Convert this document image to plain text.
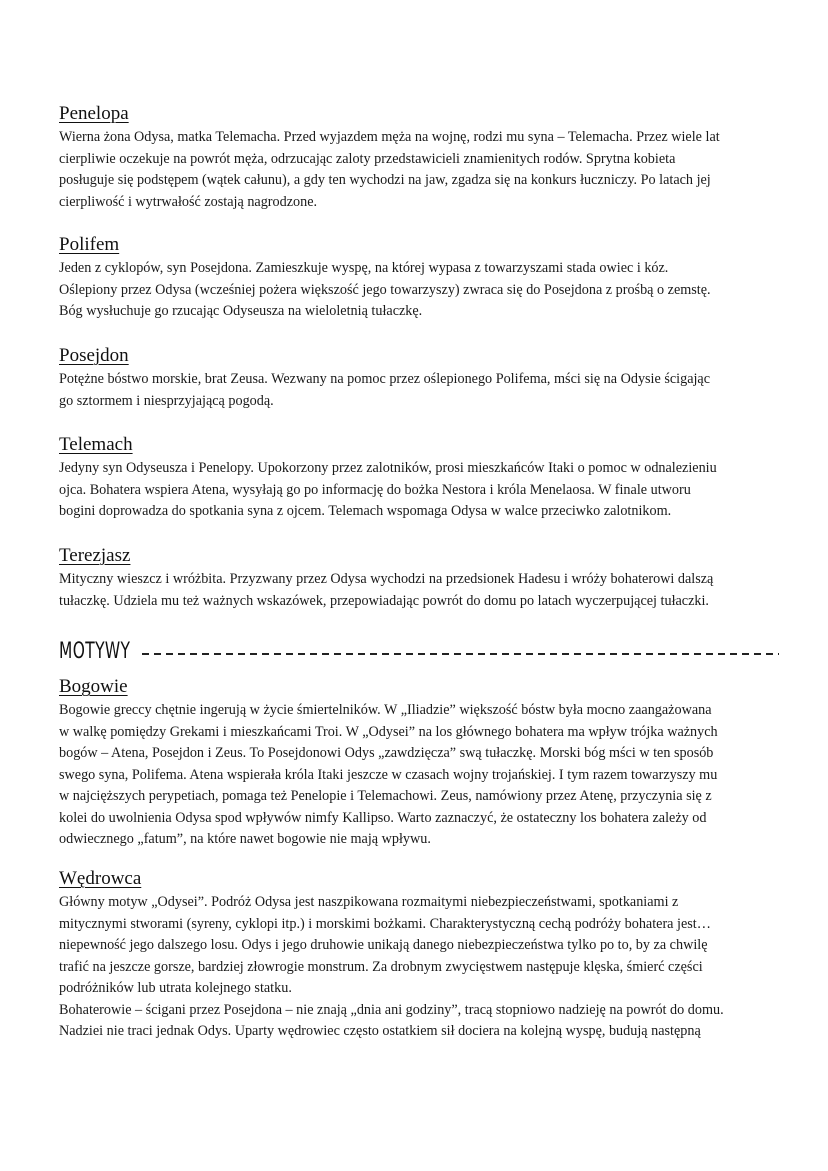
Penelopa

Wierna żona Odysa, matka Telemacha. Przed wyjazdem męża na wojnę, rodzi mu syna – Telemacha. Przez wiele lat

cierpliwie oczekuje na powrót męża, odrzucając zaloty przedstawicieli znamienitych rodów. Sprytna kobieta

posługuje się podstępem (wątek całunu), a gdy ten wychodzi na jaw, zgadza się na konkurs łuczniczy. Po latach jej

cierpliwość i wytrwałość zostają nagrodzone.

Polifem

Jeden z cyklopów, syn Posejdona. Zamieszkuje wyspę, na której wypasa z towarzyszami stada owiec i kóz.

Oślepiony przez Odysa (wcześniej pożera większość jego towarzyszy) zwraca się do Posejdona z prośbą o zemstę.

Bóg wysłuchuje go rzucając Odyseusza na wieloletnią tułaczkę.

Posejdon

Potężne bóstwo morskie, brat Zeusa. Wezwany na pomoc przez oślepionego Polifema, mści się na Odysie ścigając

go sztormem i niesprzyjającą pogodą.

Telemach

Jedyny syn Odyseusza i Penelopy. Upokorzony przez zalotników, prosi mieszkańców Itaki o pomoc w odnalezieniu

ojca. Bohatera wspiera Atena, wysyłają go po informację do bożka Nestora i króla Menelaosa. W finale utworu

bogini doprowadza do spotkania syna z ojcem. Telemach wspomaga Odysa w walce przeciwko zalotnikom.

Terezjasz

Mityczny wieszcz i wróżbita. Przyzwany przez Odysa wychodzi na przedsionek Hadesu i wróży bohaterowi dalszą

tułaczkę. Udziela mu też ważnych wskazówek, przepowiadając powrót do domu po latach wyczerpującej tułaczki.

MOTYWY
Bogowie

Bogowie greccy chętnie ingerują w życie śmiertelników. W „Iliadzie” większość bóstw była mocno zaangażowana

w walkę pomiędzy Grekami i mieszkańcami Troi. W „Odysei” na los głównego bohatera ma wpływ trójka ważnych

bogów – Atena, Posejdon i Zeus. To Posejdonowi Odys „zawdzięcza” swą tułaczkę. Morski bóg mści w ten sposób

swego syna, Polifema. Atena wspierała króla Itaki jeszcze w czasach wojny trojańskiej. I tym razem towarzyszy mu

w najcięższych perypetiach, pomaga też Penelopie i Telemachowi. Zeus, namówiony przez Atenę, przyczynia się z

kolei do uwolnienia Odysa spod wpływów nimfy Kallipso. Warto zaznaczyć, że ostateczny los bohatera zależy od

odwiecznego „fatum”, na które nawet bogowie nie mają wpływu.

Wędrowca

Główny motyw „Odysei”. Podróż Odysa jest naszpikowana rozmaitymi niebezpieczeństwami, spotkaniami z

mitycznymi stworami (syreny, cyklopi itp.) i morskimi bożkami. Charakterystyczną cechą podróży bohatera jest…

niepewność jego dalszego losu. Odys i jego druhowie unikają danego niebezpieczeństwa tylko po to, by za chwilę

trafić na jeszcze gorsze, bardziej złowrogie monstrum. Za drobnym zwycięstwem następuje klęska, śmierć części

podróżników lub utrata kolejnego statku.

Bohaterowie – ścigani przez Posejdona – nie znają „dnia ani godziny”, tracą stopniowo nadzieję na powrót do domu.

Nadziei nie traci jednak Odys. Uparty wędrowiec często ostatkiem sił dociera na kolejną wyspę, budują następną
